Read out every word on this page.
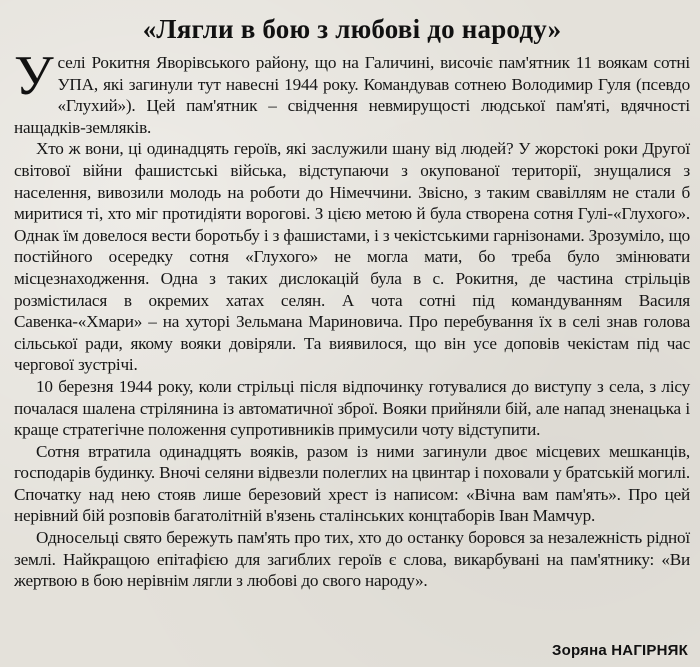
«Лягли в бою з любові до народу»

У селі Рокитня Яворівського району, що на Галичині, височіє пам'ятник 11 воякам сотні УПА, які загинули тут навесні 1944 року. Командував сотнею Володимир Гуля (псевдо «Глухий»). Цей пам'ятник – свідчення невмирущості людської пам'яті, вдячності нащадків-земляків.

Хто ж вони, ці одинадцять героїв, які заслужили шану від людей? У жорстокі роки Другої світової війни фашистські війська, відступаючи з окупованої території, знущалися з населення, вивозили молодь на роботи до Німеччини. Звісно, з таким свавіллям не стали б миритися ті, хто міг протидіяти ворогові. З цією метою й була створена сотня Гулі-«Глухого». Однак їм довелося вести боротьбу і з фашистами, і з чекістськими гарнізонами. Зрозуміло, що постійного осередку сотня «Глухого» не могла мати, бо треба було змінювати місцезнаходження. Одна з таких дислокацій була в с. Рокитня, де частина стрільців розмістилася в окремих хатах селян. А чота сотні під командуванням Василя Савенка-«Хмари» – на хуторі Зельмана Мариновича. Про перебування їх в селі знав голова сільської ради, якому вояки довіряли. Та виявилося, що він усе доповів чекістам під час чергової зустрічі.

10 березня 1944 року, коли стрільці після відпочинку готувалися до виступу з села, з лісу почалася шалена стрілянина із автоматичної зброї. Вояки прийняли бій, але напад зненацька і краще стратегічне положення супротивників примусили чоту відступити.

Сотня втратила одинадцять вояків, разом із ними загинули двоє місцевих мешканців, господарів будинку. Вночі селяни відвезли полеглих на цвинтар і поховали у братській могилі. Спочатку над нею стояв лише березовий хрест із написом: «Вічна вам пам'ять». Про цей нерівний бій розповів багатолітній в'язень сталінських концтаборів Іван Мамчур.

Односельці свято бережуть пам'ять про тих, хто до останку боровся за незалежність рідної землі. Найкращою епітафією для загиблих героїв є слова, викарбувані на пам'ятнику: «Ви жертвою в бою нерівнім лягли з любові до свого народу».

Зоряна НАГІРНЯК
